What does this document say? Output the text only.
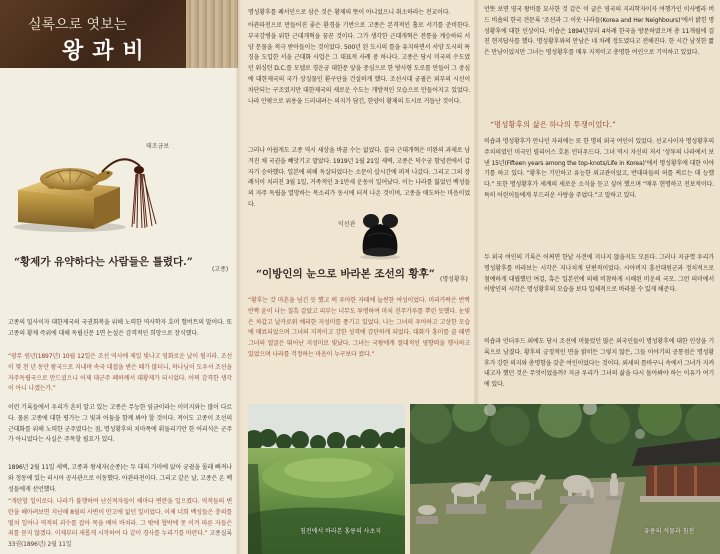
실록으로 엿보는
왕과비
태조금보
“황제가 유약하다는 사람들은 틀렸다.”
(고종)
고종의 밀사이자 대한제국의 국권회복을 위해 노력한 역사학자 호머 헐버트의 말이다. 또 고종의 황제 즉위에 대해 독립신문 1면 논설은 감격적인 희망으로 장식했다.
“광무 원년(1897년) 10월 12일은 조선 역사에 제일 빛나고 영화로운 날이 될지라. 조선이 몇 천 년 동안 왕국으로 지내며 속국 대접을 받은 때가 많더니, 하나님이 도우셔 조선을 자주독립국으로 만드셨으니 이제 대군주 폐하께서 대황제가 되시었다. 어찌 감격한 생각이 아니 나겠는가.”
이런 기록들에서 우리가 흔히 알고 있는 고종은 무능한 임금이라는 이미지와는 많이 다르다. 물론 고종에 대한 평가는 그 빛과 어둠을 함께 봐야 할 것이다. 적어도 고종이 조선의 근대화를 위해 노력한 군주였다는 점, 명성황후의 치마폭에 휘둘리기만 한 어리석은 군주가 아니었다는 사실은 주목할 필요가 있다.
1896년 2월 11일 새벽, 고종과 왕세자(순종)는 두 대의 가마에 앉아 궁궐을 몰래 빠져나와 정동에 있는 러시아 공사관으로 이동했다. 아관파천이다. 그리고 같은 날, 고종은 온 백성들에게 선언했다.
“개탄할 일이로다. 나라가 불행하여 난신적자들이 해마다 변란을 일으켰다. 역적들의 변란을 헤아려보면 지난해 8월의 사변이 만고에 없던 일이었다. 이제 너희 백성들은 충의를 떨쳐 일어나 역적의 괴수를 잡아 목을 베어 바쳐라. 그 밖에 협박에 못 이겨 따른 자들은 죄를 묻지 않겠다. 이제부터 새롭게 시작하여 다 같이 경사를 누리기를 바란다.” 고종실록 33권(1896년) 2월 11일
명성황후를 폐서인으로 삼은 것은 황제의 뜻이 아니었으니 취소하라는 전교이다.
아관파천으로 만들어진 좋은 환경을 기반으로 고종은 본격적인 홀로 서기를 준비한다. 부국강병을 위한 근대개혁을 꿈꾼 것이다. 그가 생각한 근대개혁은 전통을 계승하되 서양 문물을 적극 받아들이는 것이었다. 500년 된 도시의 틀을 유지하면서 서양 도시의 특징을 도입한 서울 근대화 사업은 그 대표적 사례 중 하나다. 고종은 당시 미국의 수도였던 워싱턴 D.C.를 모델로 경운궁 대한문 앞을 중심으로 한 방사형 도로를 만들어 그 중심에 대한제국의 국가 상징물인 환구단을 건설하게 했다. 조선시대 궁궐은 외부의 시선이 차단되는 구조였지만 대한제국의 새로운 수도는 개방적인 모습으로 만들어지고 있었다. 나라 안팎으로 위용을 드러내려는 의지가 담긴, 한양이 황제의 도시로 거듭난 것이다.
그러나 아쉽게도 고종 역시 세상을 바꿀 수는 없었다. 결국 근대개혁은 미완의 과제로 남겨진 채 국권을 빼앗기고 말았다. 1919년 1월 21일 새벽, 고종은 덕수궁 함녕전에서 갑자기 승하했다. 일본에 의해 독살되었다는 소문이 삽시간에 퍼져 나갔다. 그리고 그의 장례식이 치러진 3월 1일, 거족적인 3·1만세 운동이 일어났다. 이는 나라를 잃었던 백성들의 자주 독립을 열망하는 목소리가 동시에 터져 나온 것이며, 고종을 애도하는 마음이었다.
익선관
“이방인의 눈으로 바라본 조선의 황후” (명성황후)
“황후는 갓 마흔을 넘긴 듯 했고 퍽 우아한 자태에 늘씬한 여성이었다. 머리카락은 반짝반짝 윤이 나는 칠흑 같았고 피부는 너무도 투명하여 마치 진주가루를 뿌린 듯했다. 눈빛은 차갑고 날카로워 예리한 지성미를 풍기고 있었다. 나는 그녀의 우아하고 고상한 모습에 매료되었으며 그녀의 지적이고 강한 성격에 감탄하게 되었다. 대화가 흥미를 끌 때면 그녀의 얼굴은 뛰어난 지성미로 빛났다. 그녀는 국왕에게 절대적인 영향력을 행사하고 있었으며 나라를 걱정하는 마음이 누구보다 컸다.”
언뜻 보면 영국 왕비를 묘사한 것 같은 이 글은 영국의 지리학자이자 여행가인 이사벨라 버드 비숍의 한국 견문록 ‘조선과 그 이웃 나라들(Korea and Her Neighbours)’에서 밝힌 명성황후에 대한 인상이다. 비숍은 1894년부터 4차례 한국을 방문하였으며 총 11개월에 걸친 현지답사를 했다. 명성황후와의 만남은 네 차례 정도였다고 전해진다. 한 시간 남짓한 짧은 만남이었지만 그녀는 명성황후를 매우 지적이고 총명한 여인으로 기억하고 있었다.
“명성황후의 삶은 하나의 투쟁이었다.”
비숍과 명성황후가 만나던 자리에는 또 한 명의 외국 여인이 있었다. 선교사이자 명성황후의 주치의였던 미국인 릴리어스 호톤 언더우드다. 그녀 역시 자신의 저서 ‘상투의 나라에서 보낸 15년(Fifteen years among the top-knots/Life in Korea)’에서 명성황후에 대한 이야기를 하고 있다. “황후는 기민하고 유능한 외교관이었고, 반대파들의 허를 찌르는 데 능했다.” 또한 명성황후가 세계의 새로운 소식을 듣고 싶어 했으며 “매우 현명하고 진보적이다. 특히 어린이들에게 부드러운 사랑을 주었다.”고 말하고 있다.
두 외국 여인의 기록은 어쩌면 한낱 사견에 지나지 않을지도 모른다. 그러나 지금껏 우리가 명성황후를 바라보는 시각은 지나치게 단편적이었다. 시아버지 흥선대원군과 정치적으로 첨예하게 대립했던 여걸, 혹은 일본인에 의해 비참하게 시해된 비운의 국모. 그런 의미에서 이방인의 시각은 명성황후의 모습을 보다 입체적으로 바라볼 수 있게 해준다.
비숍과 언더우드 외에도 당시 조선에 머물렀던 많은 외국인들이 명성황후에 대한 인상을 기록으로 남겼다. 황후의 긍정적인 면을 밝히든 그렇지 않든, 그들 이야기의 공통점은 명성황후가 강한 의지와 총명함을 갖춘 여인이었다는 것이다. 외세의 틈바구니 속에서 그녀가 지켜내고자 했던 것은 무엇이었을까? 지금 우리가 그녀의 삶을 다시 돌아봐야 하는 이유가 여기에 있다.
침전에서 바라본 홍릉의 사초지	유릉의 석물과 침전
